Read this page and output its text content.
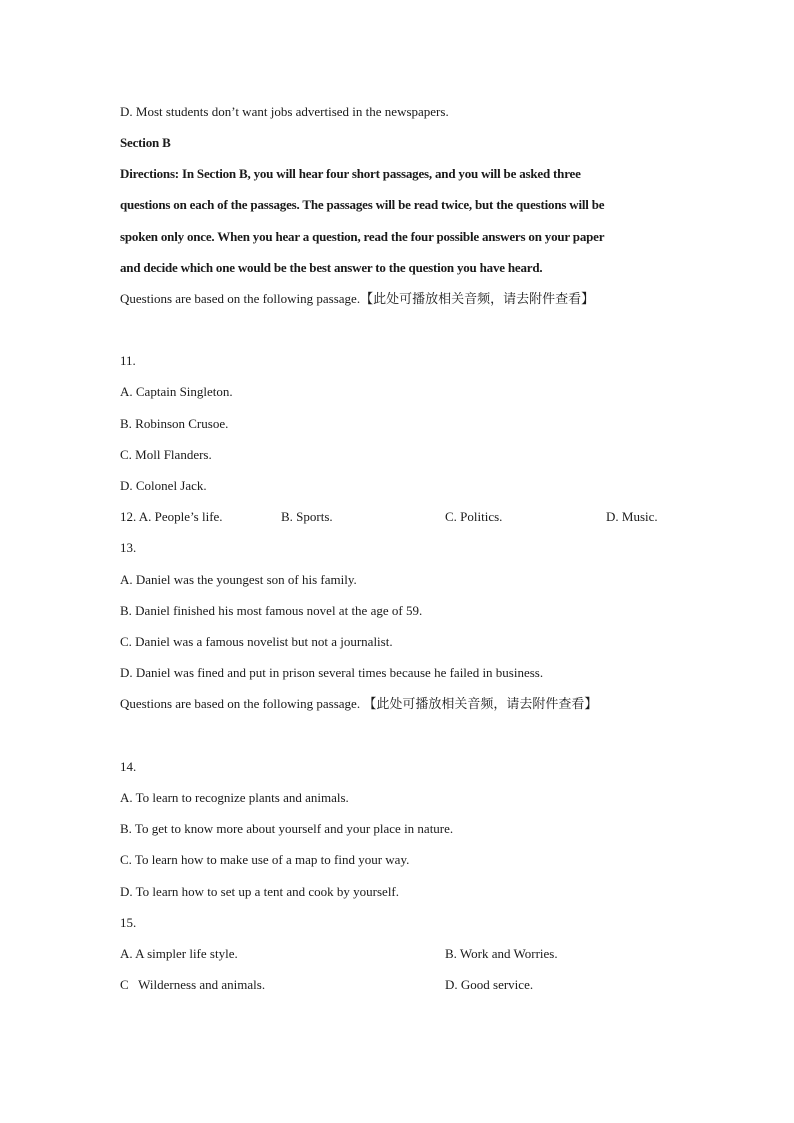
D. Most students don’t want jobs advertised in the newspapers.
Section B
Directions: In Section B, you will hear four short passages, and you will be asked three
questions on each of the passages. The passages will be read twice, but the questions will be
spoken only once. When you hear a question, read the four possible answers on your paper
and decide which one would be the best answer to the question you have heard.
Questions are based on the following passage.【此处可播放相关音频，请去附件查看】
11.
A. Captain Singleton.
B. Robinson Crusoe.
C. Moll Flanders.
D. Colonel Jack.
12. A. People’s life.	B. Sports.	C. Politics.	D. Music.
13.
A. Daniel was the youngest son of his family.
B. Daniel finished his most famous novel at the age of 59.
C. Daniel was a famous novelist but not a journalist.
D. Daniel was fined and put in prison several times because he failed in business.
Questions are based on the following passage. 【此处可播放相关音频，请去附件查看】
14.
A. To learn to recognize plants and animals.
B. To get to know more about yourself and your place in nature.
C. To learn how to make use of a map to find your way.
D. To learn how to set up a tent and cook by yourself.
15.
A. A simpler life style.	B. Work and Worries.
C   Wilderness and animals.	D. Good service.
